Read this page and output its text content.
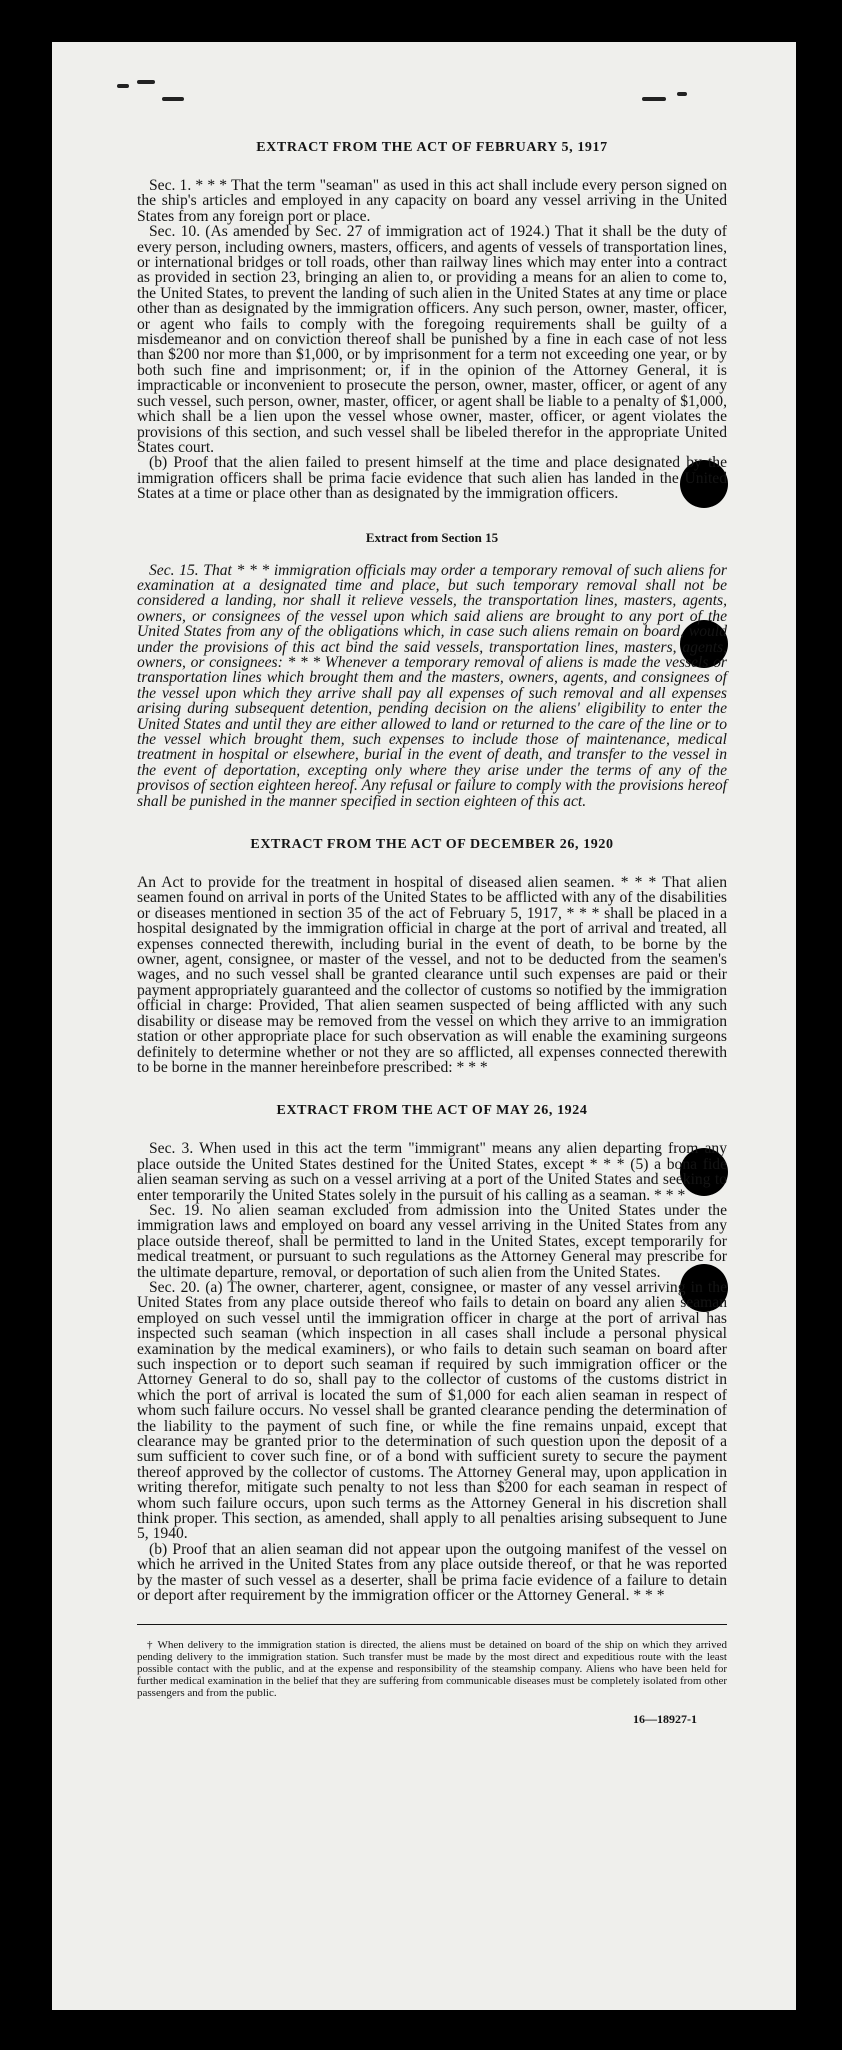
EXTRACT FROM THE ACT OF FEBRUARY 5, 1917

Sec. 1. * * * That the term "seaman" as used in this act shall include every person signed on the ship's articles and employed in any capacity on board any vessel arriving in the United States from any foreign port or place.

Sec. 10. (As amended by Sec. 27 of immigration act of 1924.) That it shall be the duty of every person, including owners, masters, officers, and agents of vessels of transportation lines, or international bridges or toll roads, other than railway lines which may enter into a contract as provided in section 23, bringing an alien to, or providing a means for an alien to come to, the United States, to prevent the landing of such alien in the United States at any time or place other than as designated by the immigration officers. Any such person, owner, master, officer, or agent who fails to comply with the foregoing requirements shall be guilty of a misdemeanor and on conviction thereof shall be punished by a fine in each case of not less than $200 nor more than $1,000, or by imprisonment for a term not exceeding one year, or by both such fine and imprisonment; or, if in the opinion of the Attorney General, it is impracticable or inconvenient to prosecute the person, owner, master, officer, or agent of any such vessel, such person, owner, master, officer, or agent shall be liable to a penalty of $1,000, which shall be a lien upon the vessel whose owner, master, officer, or agent violates the provisions of this section, and such vessel shall be libeled therefor in the appropriate United States court.

(b) Proof that the alien failed to present himself at the time and place designated by the immigration officers shall be prima facie evidence that such alien has landed in the United States at a time or place other than as designated by the immigration officers.

Extract from Section 15

Sec. 15. That * * * immigration officials may order a temporary removal of such aliens for examination at a designated time and place, but such temporary removal shall not be considered a landing, nor shall it relieve vessels, the transportation lines, masters, agents, owners, or consignees of the vessel upon which said aliens are brought to any port of the United States from any of the obligations which, in case such aliens remain on board, would under the provisions of this act bind the said vessels, transportation lines, masters, agents, owners, or consignees: * * * Whenever a temporary removal of aliens is made the vessels or transportation lines which brought them and the masters, owners, agents, and consignees of the vessel upon which they arrive shall pay all expenses of such removal and all expenses arising during subsequent detention, pending decision on the aliens' eligibility to enter the United States and until they are either allowed to land or returned to the care of the line or to the vessel which brought them, such expenses to include those of maintenance, medical treatment in hospital or elsewhere, burial in the event of death, and transfer to the vessel in the event of deportation, excepting only where they arise under the terms of any of the provisos of section eighteen hereof. Any refusal or failure to comply with the provisions hereof shall be punished in the manner specified in section eighteen of this act.

EXTRACT FROM THE ACT OF DECEMBER 26, 1920

An Act to provide for the treatment in hospital of diseased alien seamen. * * * That alien seamen found on arrival in ports of the United States to be afflicted with any of the disabilities or diseases mentioned in section 35 of the act of February 5, 1917, * * * shall be placed in a hospital designated by the immigration official in charge at the port of arrival and treated, all expenses connected therewith, including burial in the event of death, to be borne by the owner, agent, consignee, or master of the vessel, and not to be deducted from the seamen's wages, and no such vessel shall be granted clearance until such expenses are paid or their payment appropriately guaranteed and the collector of customs so notified by the immigration official in charge: Provided, That alien seamen suspected of being afflicted with any such disability or disease may be removed from the vessel on which they arrive to an immigration station or other appropriate place for such observation as will enable the examining surgeons definitely to determine whether or not they are so afflicted, all expenses connected therewith to be borne in the manner hereinbefore prescribed: * * *

EXTRACT FROM THE ACT OF MAY 26, 1924

Sec. 3. When used in this act the term "immigrant" means any alien departing from any place outside the United States destined for the United States, except * * * (5) a bona fide alien seaman serving as such on a vessel arriving at a port of the United States and seeking to enter temporarily the United States solely in the pursuit of his calling as a seaman. * * *

Sec. 19. No alien seaman excluded from admission into the United States under the immigration laws and employed on board any vessel arriving in the United States from any place outside thereof, shall be permitted to land in the United States, except temporarily for medical treatment, or pursuant to such regulations as the Attorney General may prescribe for the ultimate departure, removal, or deportation of such alien from the United States.

Sec. 20. (a) The owner, charterer, agent, consignee, or master of any vessel arriving in the United States from any place outside thereof who fails to detain on board any alien seaman employed on such vessel until the immigration officer in charge at the port of arrival has inspected such seaman (which inspection in all cases shall include a personal physical examination by the medical examiners), or who fails to detain such seaman on board after such inspection or to deport such seaman if required by such immigration officer or the Attorney General to do so, shall pay to the collector of customs of the customs district in which the port of arrival is located the sum of $1,000 for each alien seaman in respect of whom such failure occurs. No vessel shall be granted clearance pending the determination of the liability to the payment of such fine, or while the fine remains unpaid, except that clearance may be granted prior to the determination of such question upon the deposit of a sum sufficient to cover such fine, or of a bond with sufficient surety to secure the payment thereof approved by the collector of customs. The Attorney General may, upon application in writing therefor, mitigate such penalty to not less than $200 for each seaman in respect of whom such failure occurs, upon such terms as the Attorney General in his discretion shall think proper. This section, as amended, shall apply to all penalties arising subsequent to June 5, 1940.

(b) Proof that an alien seaman did not appear upon the outgoing manifest of the vessel on which he arrived in the United States from any place outside thereof, or that he was reported by the master of such vessel as a deserter, shall be prima facie evidence of a failure to detain or deport after requirement by the immigration officer or the Attorney General. * * *

† When delivery to the immigration station is directed, the aliens must be detained on board of the ship on which they arrived pending delivery to the immigration station. Such transfer must be made by the most direct and expeditious route with the least possible contact with the public, and at the expense and responsibility of the steamship company. Aliens who have been held for further medical examination in the belief that they are suffering from communicable diseases must be completely isolated from other passengers and from the public.
16—18927-1
